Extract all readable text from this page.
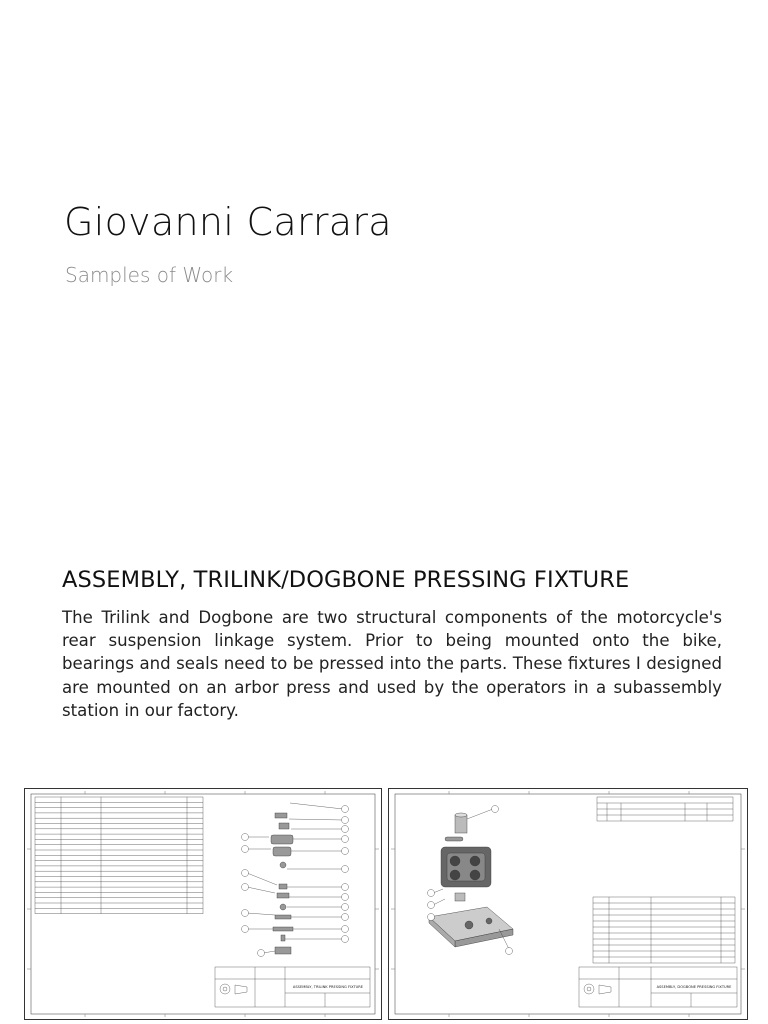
Giovanni Carrara
Samples of Work
ASSEMBLY, TRILINK/DOGBONE PRESSING FIXTURE
The Trilink and Dogbone are two structural components of the motorcycle's rear suspension linkage system. Prior to being mounted onto the bike, bearings and seals need to be pressed into the parts. These fixtures I designed are mounted on an arbor press and used by the operators in a subassembly station in our factory.
ASSEMBLY, TRILINK PRESSING FIXTURE	ASSEMBLY, DOGBONE PRESSING FIXTURE
